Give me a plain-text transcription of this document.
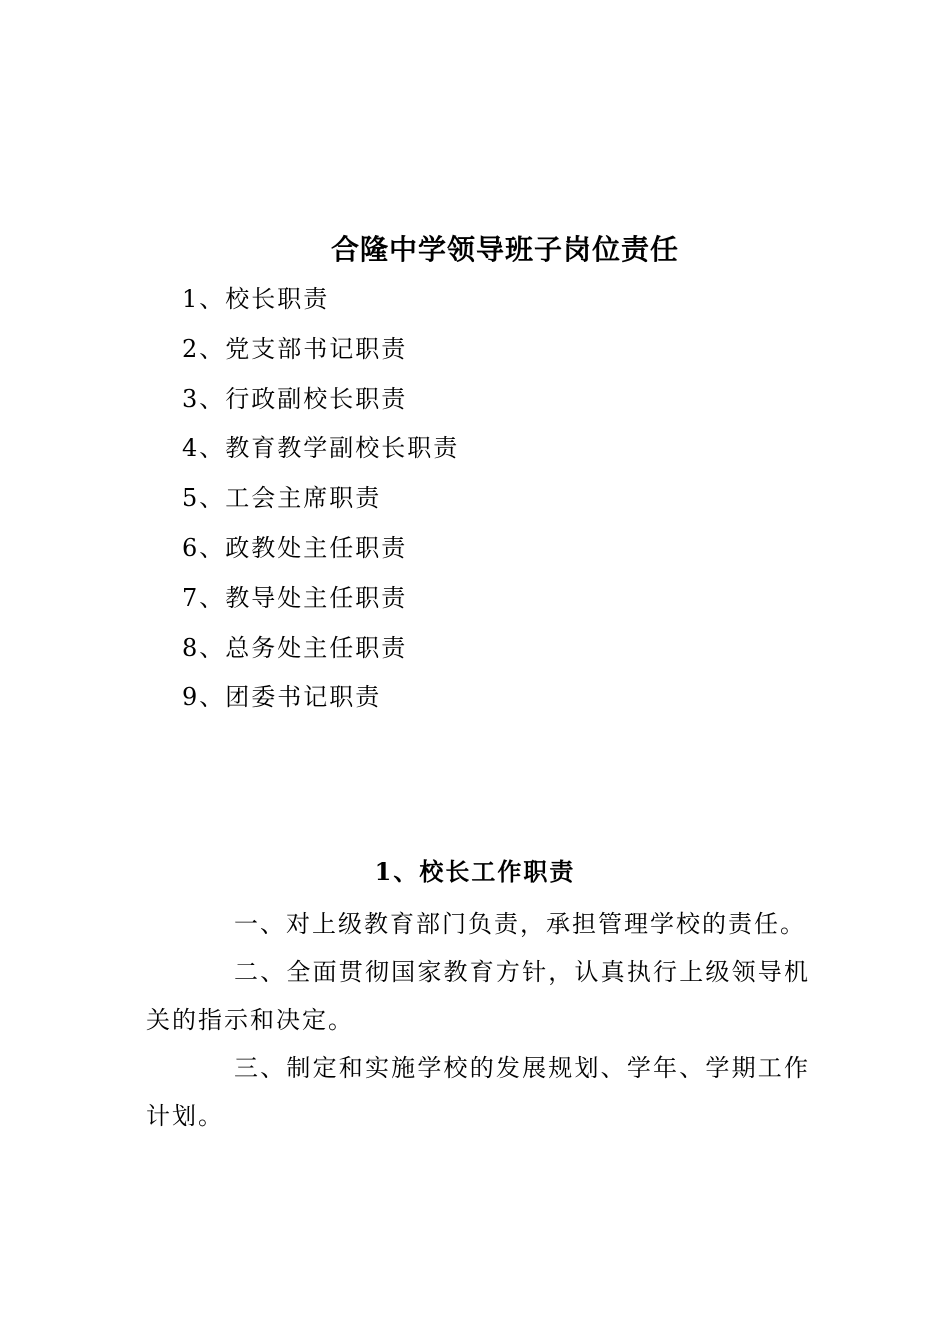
合隆中学领导班子岗位责任
1、校长职责
2、党支部书记职责
3、行政副校长职责
4、教育教学副校长职责
5、工会主席职责
6、政教处主任职责
7、教导处主任职责
8、总务处主任职责
9、团委书记职责
1、校长工作职责

一、对上级教育部门负责，承担管理学校的责任。

二、全面贯彻国家教育方针，认真执行上级领导机关的指示和决定。

三、制定和实施学校的发展规划、学年、学期工作计划。
